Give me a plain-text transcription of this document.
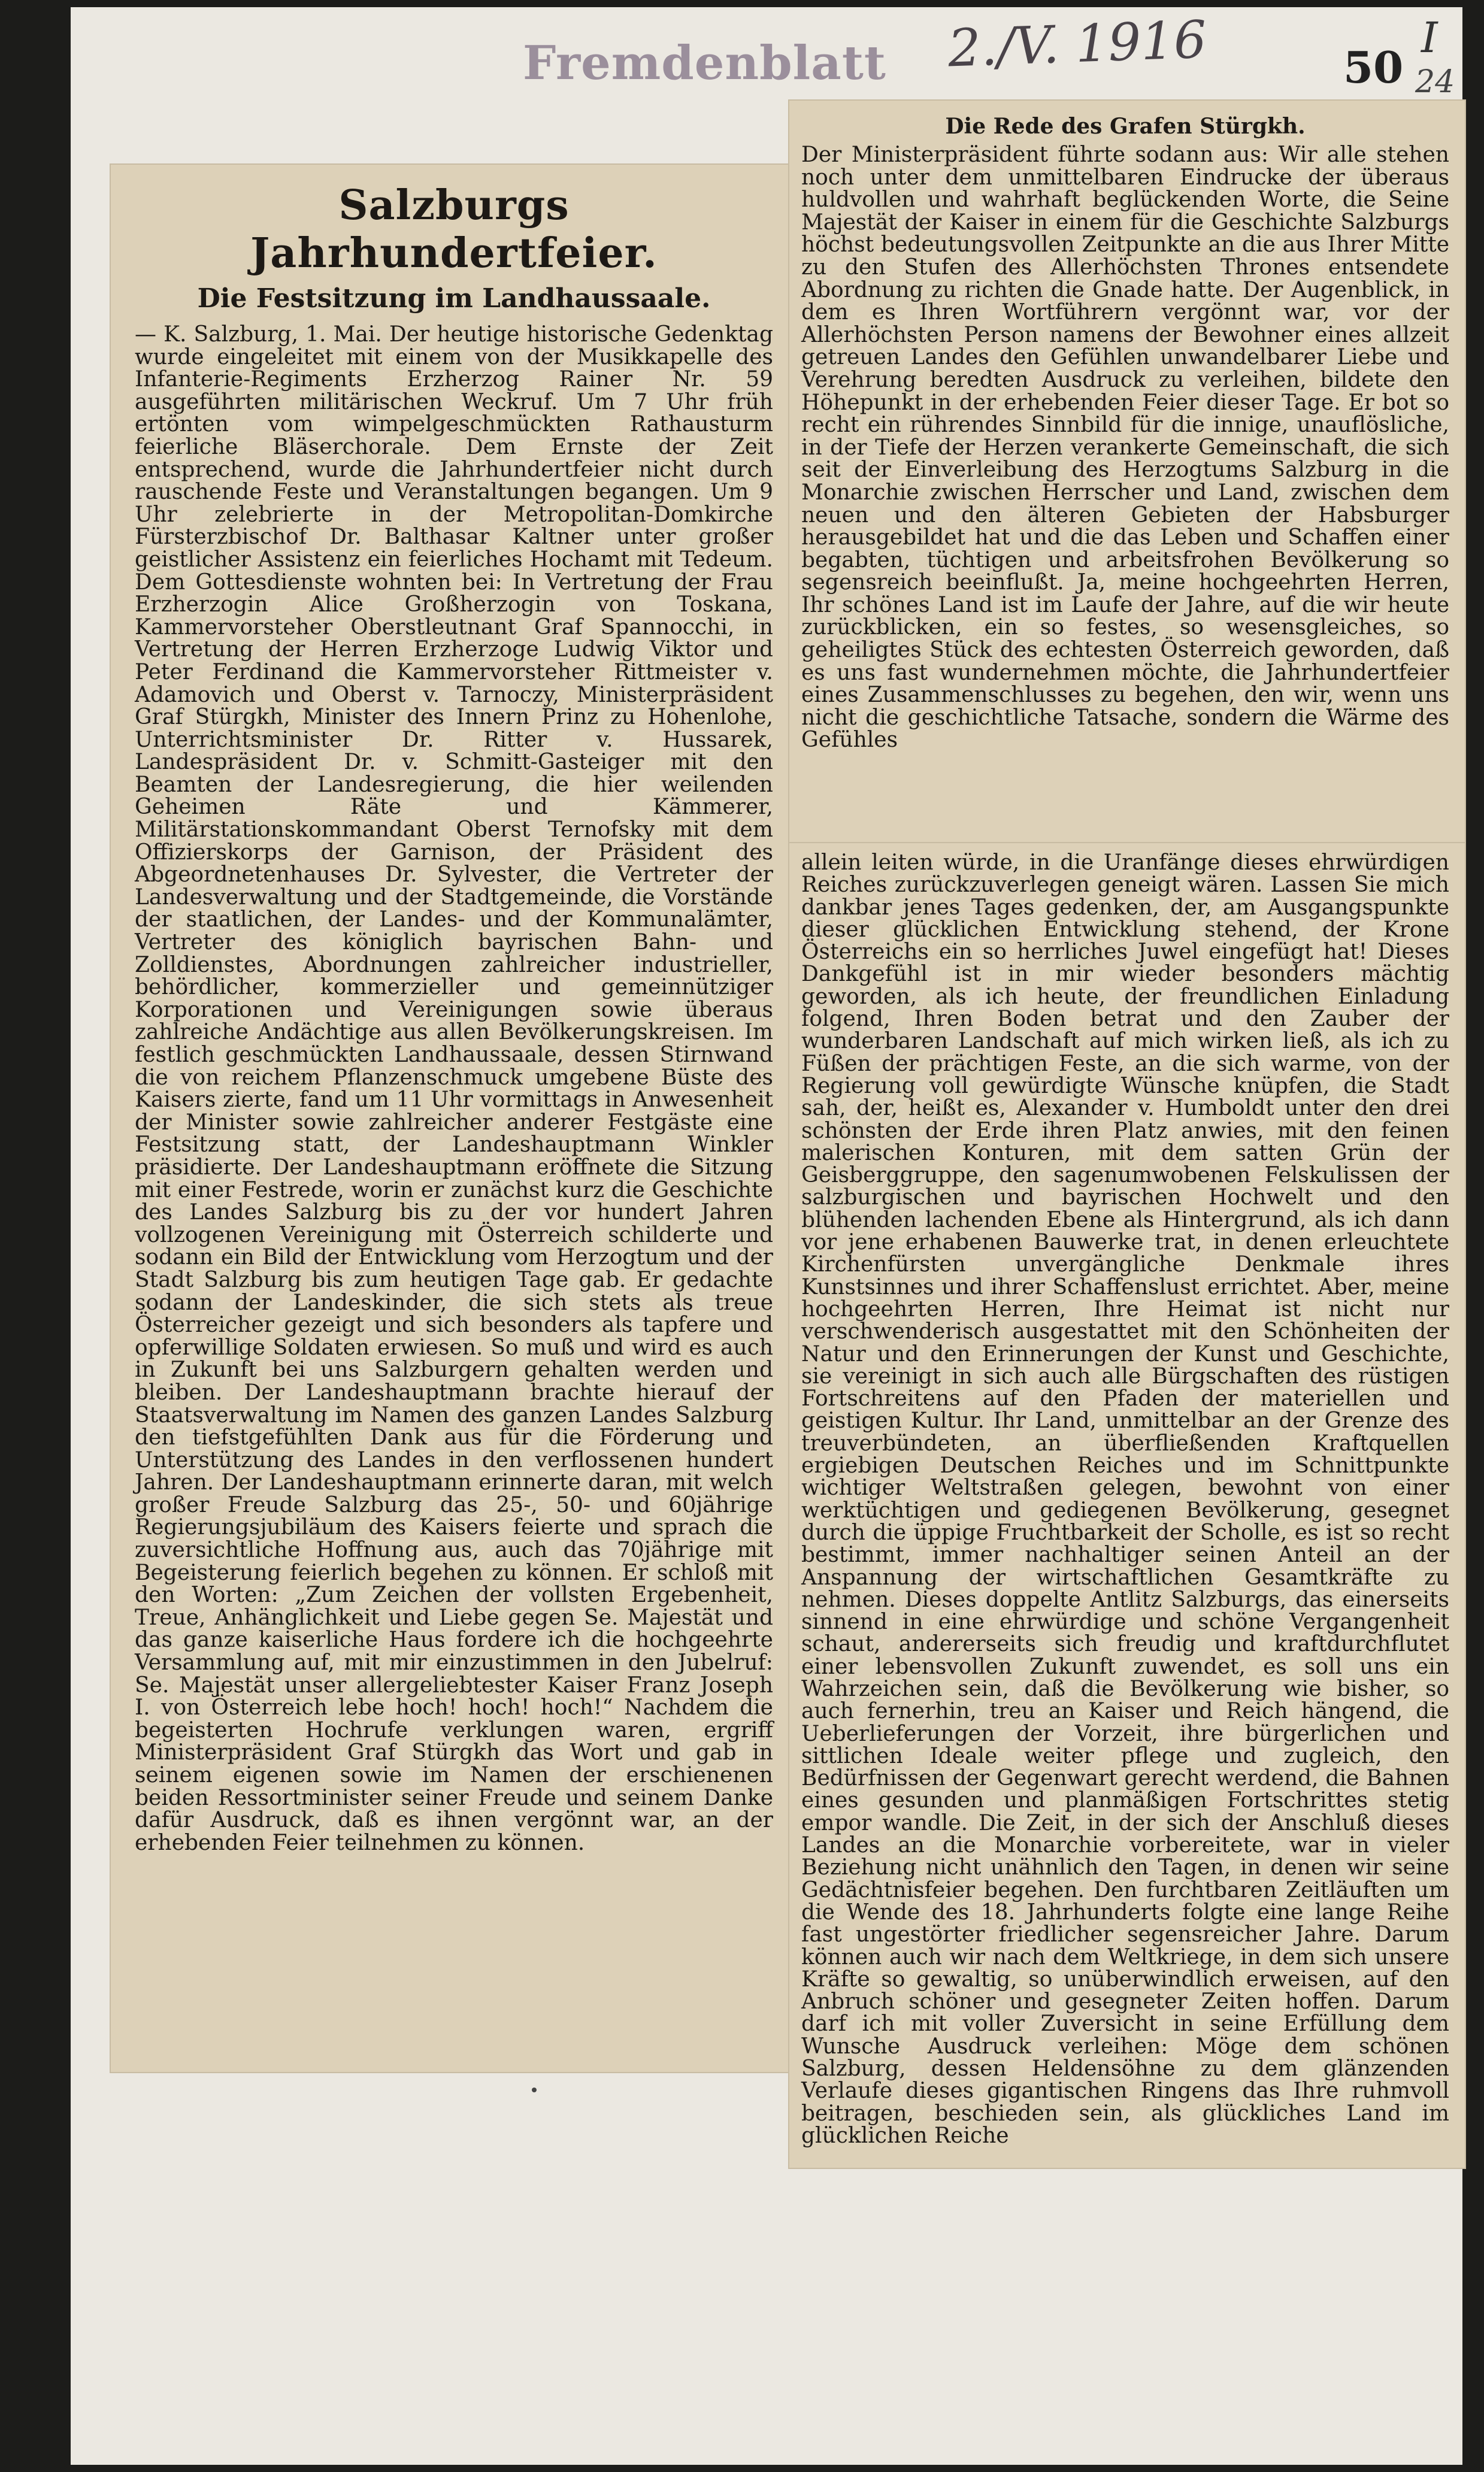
Fremdenblatt 2./V. 1916	50
I
24
Salzburgs Jahrhundertfeier.
Die Festsitzung im Landhaussaale.

— K. Salzburg, 1. Mai. Der heutige historische Gedenktag wurde eingeleitet mit einem von der Musikkapelle des Infanterie-Regiments Erzherzog Rainer Nr. 59 ausgeführten militärischen Weckruf. Um 7 Uhr früh ertönten vom wimpelgeschmückten Rathausturm feierliche Bläserchorale. Dem Ernste der Zeit entsprechend, wurde die Jahrhundertfeier nicht durch rauschende Feste und Veranstaltungen begangen. Um 9 Uhr zelebrierte in der Metropolitan-Domkirche Fürsterzbischof Dr. Balthasar Kaltner unter großer geistlicher Assistenz ein feierliches Hochamt mit Tedeum. Dem Gottesdienste wohnten bei: In Vertretung der Frau Erzherzogin Alice Großherzogin von Toskana, Kammervorsteher Oberstleutnant Graf Spannocchi, in Vertretung der Herren Erzherzoge Ludwig Viktor und Peter Ferdinand die Kammervorsteher Rittmeister v. Adamovich und Oberst v. Tarnoczy, Ministerpräsident Graf Stürgkh, Minister des Innern Prinz zu Hohenlohe, Unterrichtsminister Dr. Ritter v. Hussarek, Landespräsident Dr. v. Schmitt-Gasteiger mit den Beamten der Landesregierung, die hier weilenden Geheimen Räte und Kämmerer, Militärstationskommandant Oberst Ternofsky mit dem Offizierskorps der Garnison, der Präsident des Abgeordnetenhauses Dr. Sylvester, die Vertreter der Landesverwaltung und der Stadtgemeinde, die Vorstände der staatlichen, der Landes- und der Kommunalämter, Vertreter des königlich bayrischen Bahn- und Zolldienstes, Abordnungen zahlreicher industrieller, behördlicher, kommerzieller und gemeinnütziger Korporationen und Vereinigungen sowie überaus zahlreiche Andächtige aus allen Bevölkerungskreisen. Im festlich geschmückten Landhaussaale, dessen Stirnwand die von reichem Pflanzenschmuck umgebene Büste des Kaisers zierte, fand um 11 Uhr vormittags in Anwesenheit der Minister sowie zahlreicher anderer Festgäste eine Festsitzung statt, der Landeshauptmann Winkler präsidierte. Der Landeshauptmann eröffnete die Sitzung mit einer Festrede, worin er zunächst kurz die Geschichte des Landes Salzburg bis zu der vor hundert Jahren vollzogenen Vereinigung mit Österreich schilderte und sodann ein Bild der Entwicklung vom Herzogtum und der Stadt Salzburg bis zum heutigen Tage gab. Er gedachte sodann der Landeskinder, die sich stets als treue Österreicher gezeigt und sich besonders als tapfere und opferwillige Soldaten erwiesen. So muß und wird es auch in Zukunft bei uns Salzburgern gehalten werden und bleiben. Der Landeshauptmann brachte hierauf der Staatsverwaltung im Namen des ganzen Landes Salzburg den tiefstgefühlten Dank aus für die Förderung und Unterstützung des Landes in den verflossenen hundert Jahren. Der Landeshauptmann erinnerte daran, mit welch großer Freude Salzburg das 25-, 50- und 60jährige Regierungsjubiläum des Kaisers feierte und sprach die zuversichtliche Hoffnung aus, auch das 70jährige mit Begeisterung feierlich begehen zu können. Er schloß mit den Worten: „Zum Zeichen der vollsten Ergebenheit, Treue, Anhänglichkeit und Liebe gegen Se. Majestät und das ganze kaiserliche Haus fordere ich die hochgeehrte Versammlung auf, mit mir einzustimmen in den Jubelruf: Se. Majestät unser allergeliebtester Kaiser Franz Joseph I. von Österreich lebe hoch! hoch! hoch!“ Nachdem die begeisterten Hochrufe verklungen waren, ergriff Ministerpräsident Graf Stürgkh das Wort und gab in seinem eigenen sowie im Namen der erschienenen beiden Ressortminister seiner Freude und seinem Danke dafür Ausdruck, daß es ihnen vergönnt war, an der erhebenden Feier teilnehmen zu können.

Die Rede des Grafen Stürgkh.

Der Ministerpräsident führte sodann aus: Wir alle stehen noch unter dem unmittelbaren Eindrucke der überaus huldvollen und wahrhaft beglückenden Worte, die Seine Majestät der Kaiser in einem für die Geschichte Salzburgs höchst bedeutungsvollen Zeitpunkte an die aus Ihrer Mitte zu den Stufen des Allerhöchsten Thrones entsendete Abordnung zu richten die Gnade hatte. Der Augenblick, in dem es Ihren Wortführern vergönnt war, vor der Allerhöchsten Person namens der Bewohner eines allzeit getreuen Landes den Gefühlen unwandelbarer Liebe und Verehrung beredten Ausdruck zu verleihen, bildete den Höhepunkt in der erhebenden Feier dieser Tage. Er bot so recht ein rührendes Sinnbild für die innige, unauflösliche, in der Tiefe der Herzen verankerte Gemeinschaft, die sich seit der Einverleibung des Herzogtums Salzburg in die Monarchie zwischen Herrscher und Land, zwischen dem neuen und den älteren Gebieten der Habsburger herausgebildet hat und die das Leben und Schaffen einer begabten, tüchtigen und arbeitsfrohen Bevölkerung so segensreich beeinflußt. Ja, meine hochgeehrten Herren, Ihr schönes Land ist im Laufe der Jahre, auf die wir heute zurückblicken, ein so festes, so wesensgleiches, so geheiligtes Stück des echtesten Österreich geworden, daß es uns fast wundernehmen möchte, die Jahrhundertfeier eines Zusammenschlusses zu begehen, den wir, wenn uns nicht die geschichtliche Tatsache, sondern die Wärme des Gefühles

allein leiten würde, in die Uranfänge dieses ehrwürdigen Reiches zurückzuverlegen geneigt wären. Lassen Sie mich dankbar jenes Tages gedenken, der, am Ausgangspunkte dieser glücklichen Entwicklung stehend, der Krone Österreichs ein so herrliches Juwel eingefügt hat! Dieses Dankgefühl ist in mir wieder besonders mächtig geworden, als ich heute, der freundlichen Einladung folgend, Ihren Boden betrat und den Zauber der wunderbaren Landschaft auf mich wirken ließ, als ich zu Füßen der prächtigen Feste, an die sich warme, von der Regierung voll gewürdigte Wünsche knüpfen, die Stadt sah, der, heißt es, Alexander v. Humboldt unter den drei schönsten der Erde ihren Platz anwies, mit den feinen malerischen Konturen, mit dem satten Grün der Geisberggruppe, den sagenumwobenen Felskulissen der salzburgischen und bayrischen Hochwelt und den blühenden lachenden Ebene als Hintergrund, als ich dann vor jene erhabenen Bauwerke trat, in denen erleuchtete Kirchenfürsten unvergängliche Denkmale ihres Kunstsinnes und ihrer Schaffenslust errichtet. Aber, meine hochgeehrten Herren, Ihre Heimat ist nicht nur verschwenderisch ausgestattet mit den Schönheiten der Natur und den Erinnerungen der Kunst und Geschichte, sie vereinigt in sich auch alle Bürgschaften des rüstigen Fortschreitens auf den Pfaden der materiellen und geistigen Kultur. Ihr Land, unmittelbar an der Grenze des treuverbündeten, an überfließenden Kraftquellen ergiebigen Deutschen Reiches und im Schnittpunkte wichtiger Weltstraßen gelegen, bewohnt von einer werktüchtigen und gediegenen Bevölkerung, gesegnet durch die üppige Fruchtbarkeit der Scholle, es ist so recht bestimmt, immer nachhaltiger seinen Anteil an der Anspannung der wirtschaftlichen Gesamtkräfte zu nehmen. Dieses doppelte Antlitz Salzburgs, das einerseits sinnend in eine ehrwürdige und schöne Vergangenheit schaut, andererseits sich freudig und kraftdurchflutet einer lebensvollen Zukunft zuwendet, es soll uns ein Wahrzeichen sein, daß die Bevölkerung wie bisher, so auch fernerhin, treu an Kaiser und Reich hängend, die Ueberlieferungen der Vorzeit, ihre bürgerlichen und sittlichen Ideale weiter pflege und zugleich, den Bedürfnissen der Gegenwart gerecht werdend, die Bahnen eines gesunden und planmäßigen Fortschrittes stetig empor wandle. Die Zeit, in der sich der Anschluß dieses Landes an die Monarchie vorbereitete, war in vieler Beziehung nicht unähnlich den Tagen, in denen wir seine Gedächtnisfeier begehen. Den furchtbaren Zeitläuften um die Wende des 18. Jahrhunderts folgte eine lange Reihe fast ungestörter friedlicher segensreicher Jahre. Darum können auch wir nach dem Weltkriege, in dem sich unsere Kräfte so gewaltig, so unüberwindlich erweisen, auf den Anbruch schöner und gesegneter Zeiten hoffen. Darum darf ich mit voller Zuversicht in seine Erfüllung dem Wunsche Ausdruck verleihen: Möge dem schönen Salzburg, dessen Heldensöhne zu dem glänzenden Verlaufe dieses gigantischen Ringens das Ihre ruhmvoll beitragen, beschieden sein, als glückliches Land im glücklichen Reiche
